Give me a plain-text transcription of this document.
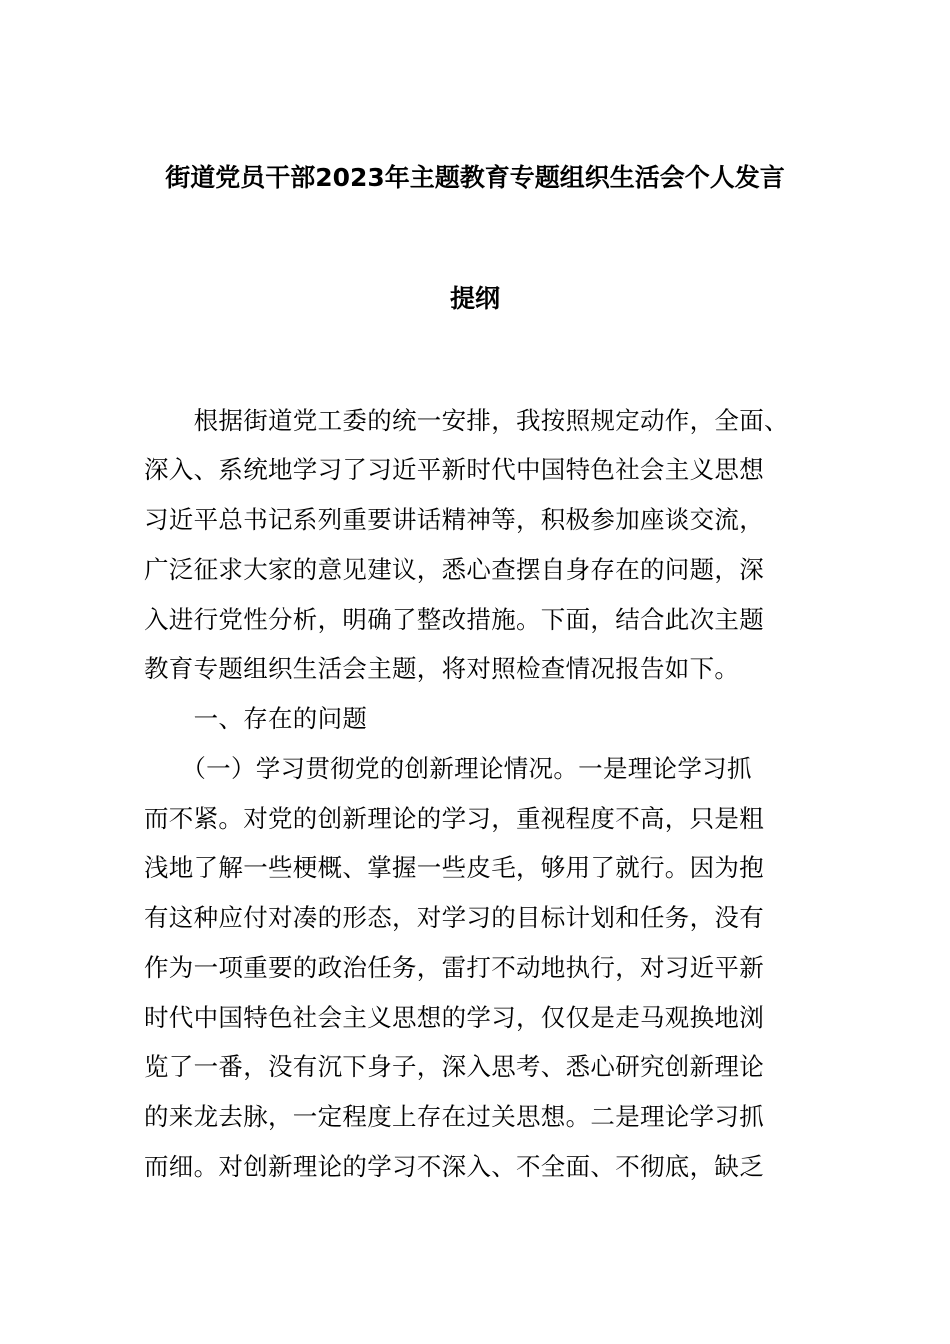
街道党员干部2023年主题教育专题组织生活会个人发言
提纲
　　根据街道党工委的统一安排，我按照规定动作，全面、
深入、系统地学习了习近平新时代中国特色社会主义思想
习近平总书记系列重要讲话精神等，积极参加座谈交流，
广泛征求大家的意见建议，悉心查摆自身存在的问题，深
入进行党性分析，明确了整改措施。下面，结合此次主题
教育专题组织生活会主题，将对照检查情况报告如下。
　　一、存在的问题
　　（一）学习贯彻党的创新理论情况。一是理论学习抓
而不紧。对党的创新理论的学习，重视程度不高，只是粗
浅地了解一些梗概、掌握一些皮毛，够用了就行。因为抱
有这种应付对凑的形态，对学习的目标计划和任务，没有
作为一项重要的政治任务，雷打不动地执行，对习近平新
时代中国特色社会主义思想的学习，仅仅是走马观换地浏
览了一番，没有沉下身子，深入思考、悉心研究创新理论
的来龙去脉，一定程度上存在过关思想。二是理论学习抓
而细。对创新理论的学习不深入、不全面、不彻底，缺乏
